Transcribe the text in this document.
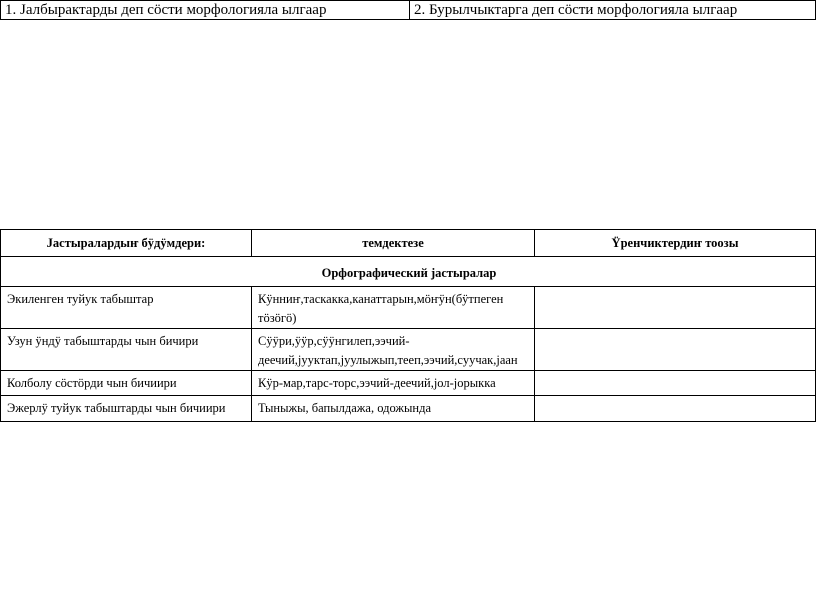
1. Jалбырактарды деп сöсти морфологияла ылгаар	2. Бурылчыктарга деп сöсти морфологияла ылгаар
Jастыралардыҥ бÿдÿмдери:	темдектезе	Ÿренчиктердиҥ тоозы
Орфографический jастыралар		
Экиленген туйук табыштар	Кÿнниҥ,таскакка,канаттарын,мöҥÿн(бÿтпеген тöзöгö)	
Узун ÿндÿ табыштарды чын бичири	Сÿÿри,ÿÿр,сÿÿнгилеп,ээчий-деечий,jууктап,jуулыжып,тееп,ээчий,суучак,jаан	
Колболу сöстöрди чын бичиири	Кÿр-мар,тарс-торс,ээчий-деечий,jол-jорыкка	
Эжерлÿ туйук табыштарды чын бичиири	Тыныжы, бапылдажа, одожында	
